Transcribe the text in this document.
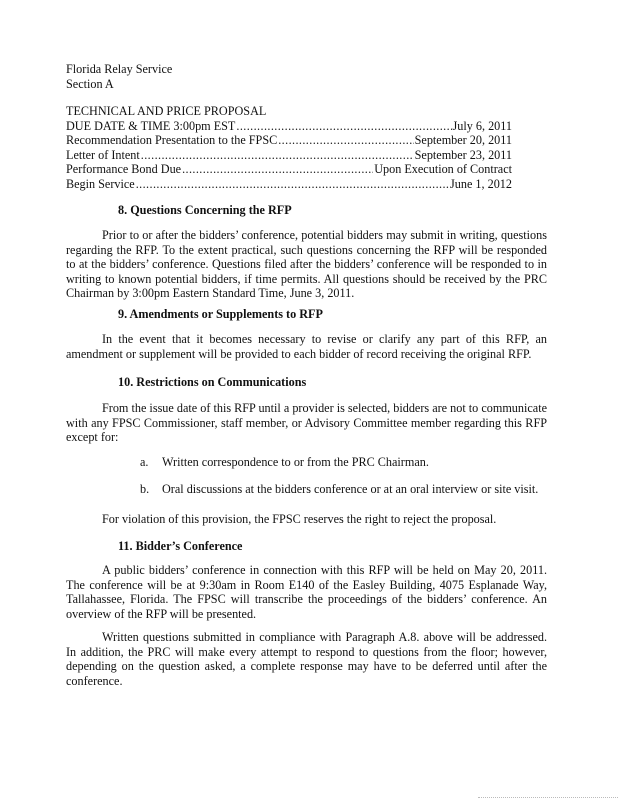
Florida Relay Service
Section A
TECHNICAL AND PRICE PROPOSAL
DUE DATE & TIME 3:00pm EST .....	July 6, 2011
Recommendation Presentation to the FPSC .....	September 20, 2011
Letter of Intent .....	September 23, 2011
Performance Bond Due .....	Upon Execution of Contract
Begin Service .....	June 1, 2012

8. Questions Concerning the RFP

Prior to or after the bidders’ conference, potential bidders may submit in writing, questions regarding the RFP. To the extent practical, such questions concerning the RFP will be responded to at the bidders’ conference. Questions filed after the bidders’ conference will be responded to in writing to known potential bidders, if time permits. All questions should be received by the PRC Chairman by 3:00pm Eastern Standard Time, June 3, 2011.

9. Amendments or Supplements to RFP

In the event that it becomes necessary to revise or clarify any part of this RFP, an amendment or supplement will be provided to each bidder of record receiving the original RFP.

10. Restrictions on Communications

From the issue date of this RFP until a provider is selected, bidders are not to communicate with any FPSC Commissioner, staff member, or Advisory Committee member regarding this RFP except for:

a. Written correspondence to or from the PRC Chairman.
b. Oral discussions at the bidders conference or at an oral interview or site visit.

For violation of this provision, the FPSC reserves the right to reject the proposal.

11. Bidder’s Conference

A public bidders’ conference in connection with this RFP will be held on May 20, 2011. The conference will be at 9:30am in Room E140 of the Easley Building, 4075 Esplanade Way, Tallahassee, Florida. The FPSC will transcribe the proceedings of the bidders’ conference. An overview of the RFP will be presented.

Written questions submitted in compliance with Paragraph A.8. above will be addressed. In addition, the PRC will make every attempt to respond to questions from the floor; however, depending on the question asked, a complete response may have to be deferred until after the conference.
